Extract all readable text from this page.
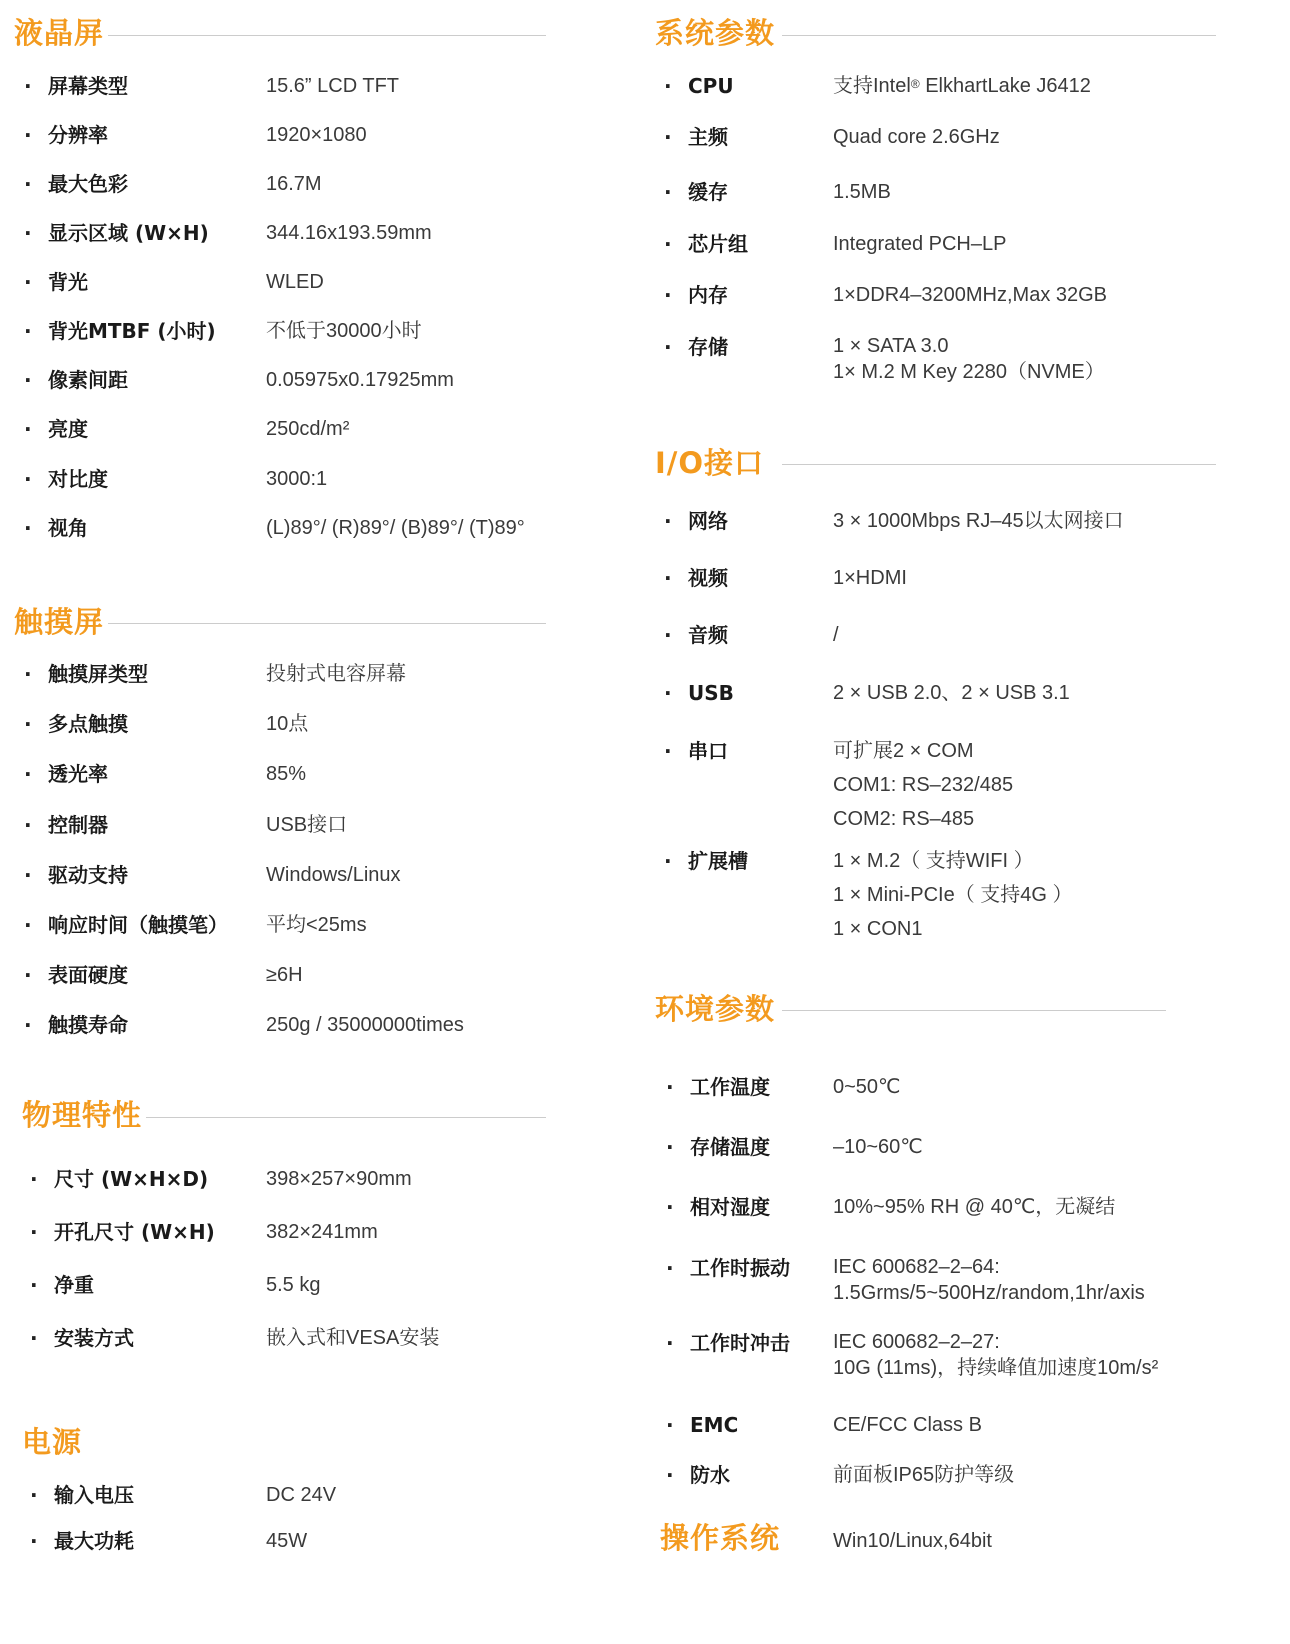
液晶屏
· 屏幕类型	15.6” LCD TFT
· 分辨率	1920×1080
· 最大色彩	16.7M
· 显示区域 (W×H)	344.16x193.59mm
· 背光	WLED
· 背光MTBF (小时)	不低于30000小时
· 像素间距	0.05975x0.17925mm
· 亮度	250cd/m²
· 对比度	3000:1
· 视角	(L)89°/ (R)89°/ (B)89°/ (T)89°
触摸屏
· 触摸屏类型	投射式电容屏幕
· 多点触摸	10点
· 透光率	85%
· 控制器	USB接口
· 驱动支持	Windows/Linux
· 响应时间（触摸笔） 平均<25ms
· 表面硬度	≥6H
· 触摸寿命	250g / 35000000times
物理特性
· 尺寸 (W×H×D)	398×257×90mm
· 开孔尺寸 (W×H)	382×241mm
· 净重	5.5 kg
· 安装方式	嵌入式和VESA安装
电源
· 输入电压	DC 24V
· 最大功耗	45W
系统参数
· CPU	支持Intel® ElkhartLake J6412
· 主频	Quad core 2.6GHz
· 缓存	1.5MB
· 芯片组	Integrated PCH–LP
· 内存	1×DDR4–3200MHz,Max 32GB
· 存储	1 × SATA 3.0
1× M.2 M Key 2280（NVME）
I/O接口
· 网络	3 × 1000Mbps RJ–45以太网接口
· 视频	1×HDMI
· 音频	/
· USB	2 × USB 2.0、2 × USB 3.1
· 串口	可扩展2 × COM
COM1: RS–232/485
COM2: RS–485
· 扩展槽	1 × M.2（ 支持WIFI ）
1 × Mini-PCIe（ 支持4G ）
1 × CON1
环境参数
· 工作温度	0~50℃
· 存储温度	–10~60℃
· 相对湿度	10%~95% RH @ 40℃，无凝结
· 工作时振动 IEC 600682–2–64:
1.5Grms/5~500Hz/random,1hr/axis
· 工作时冲击 IEC 600682–2–27:
10G (11ms)，持续峰值加速度10m/s²
· EMC	CE/FCC Class B
· 防水	前面板IP65防护等级
操作系统	Win10/Linux,64bit
